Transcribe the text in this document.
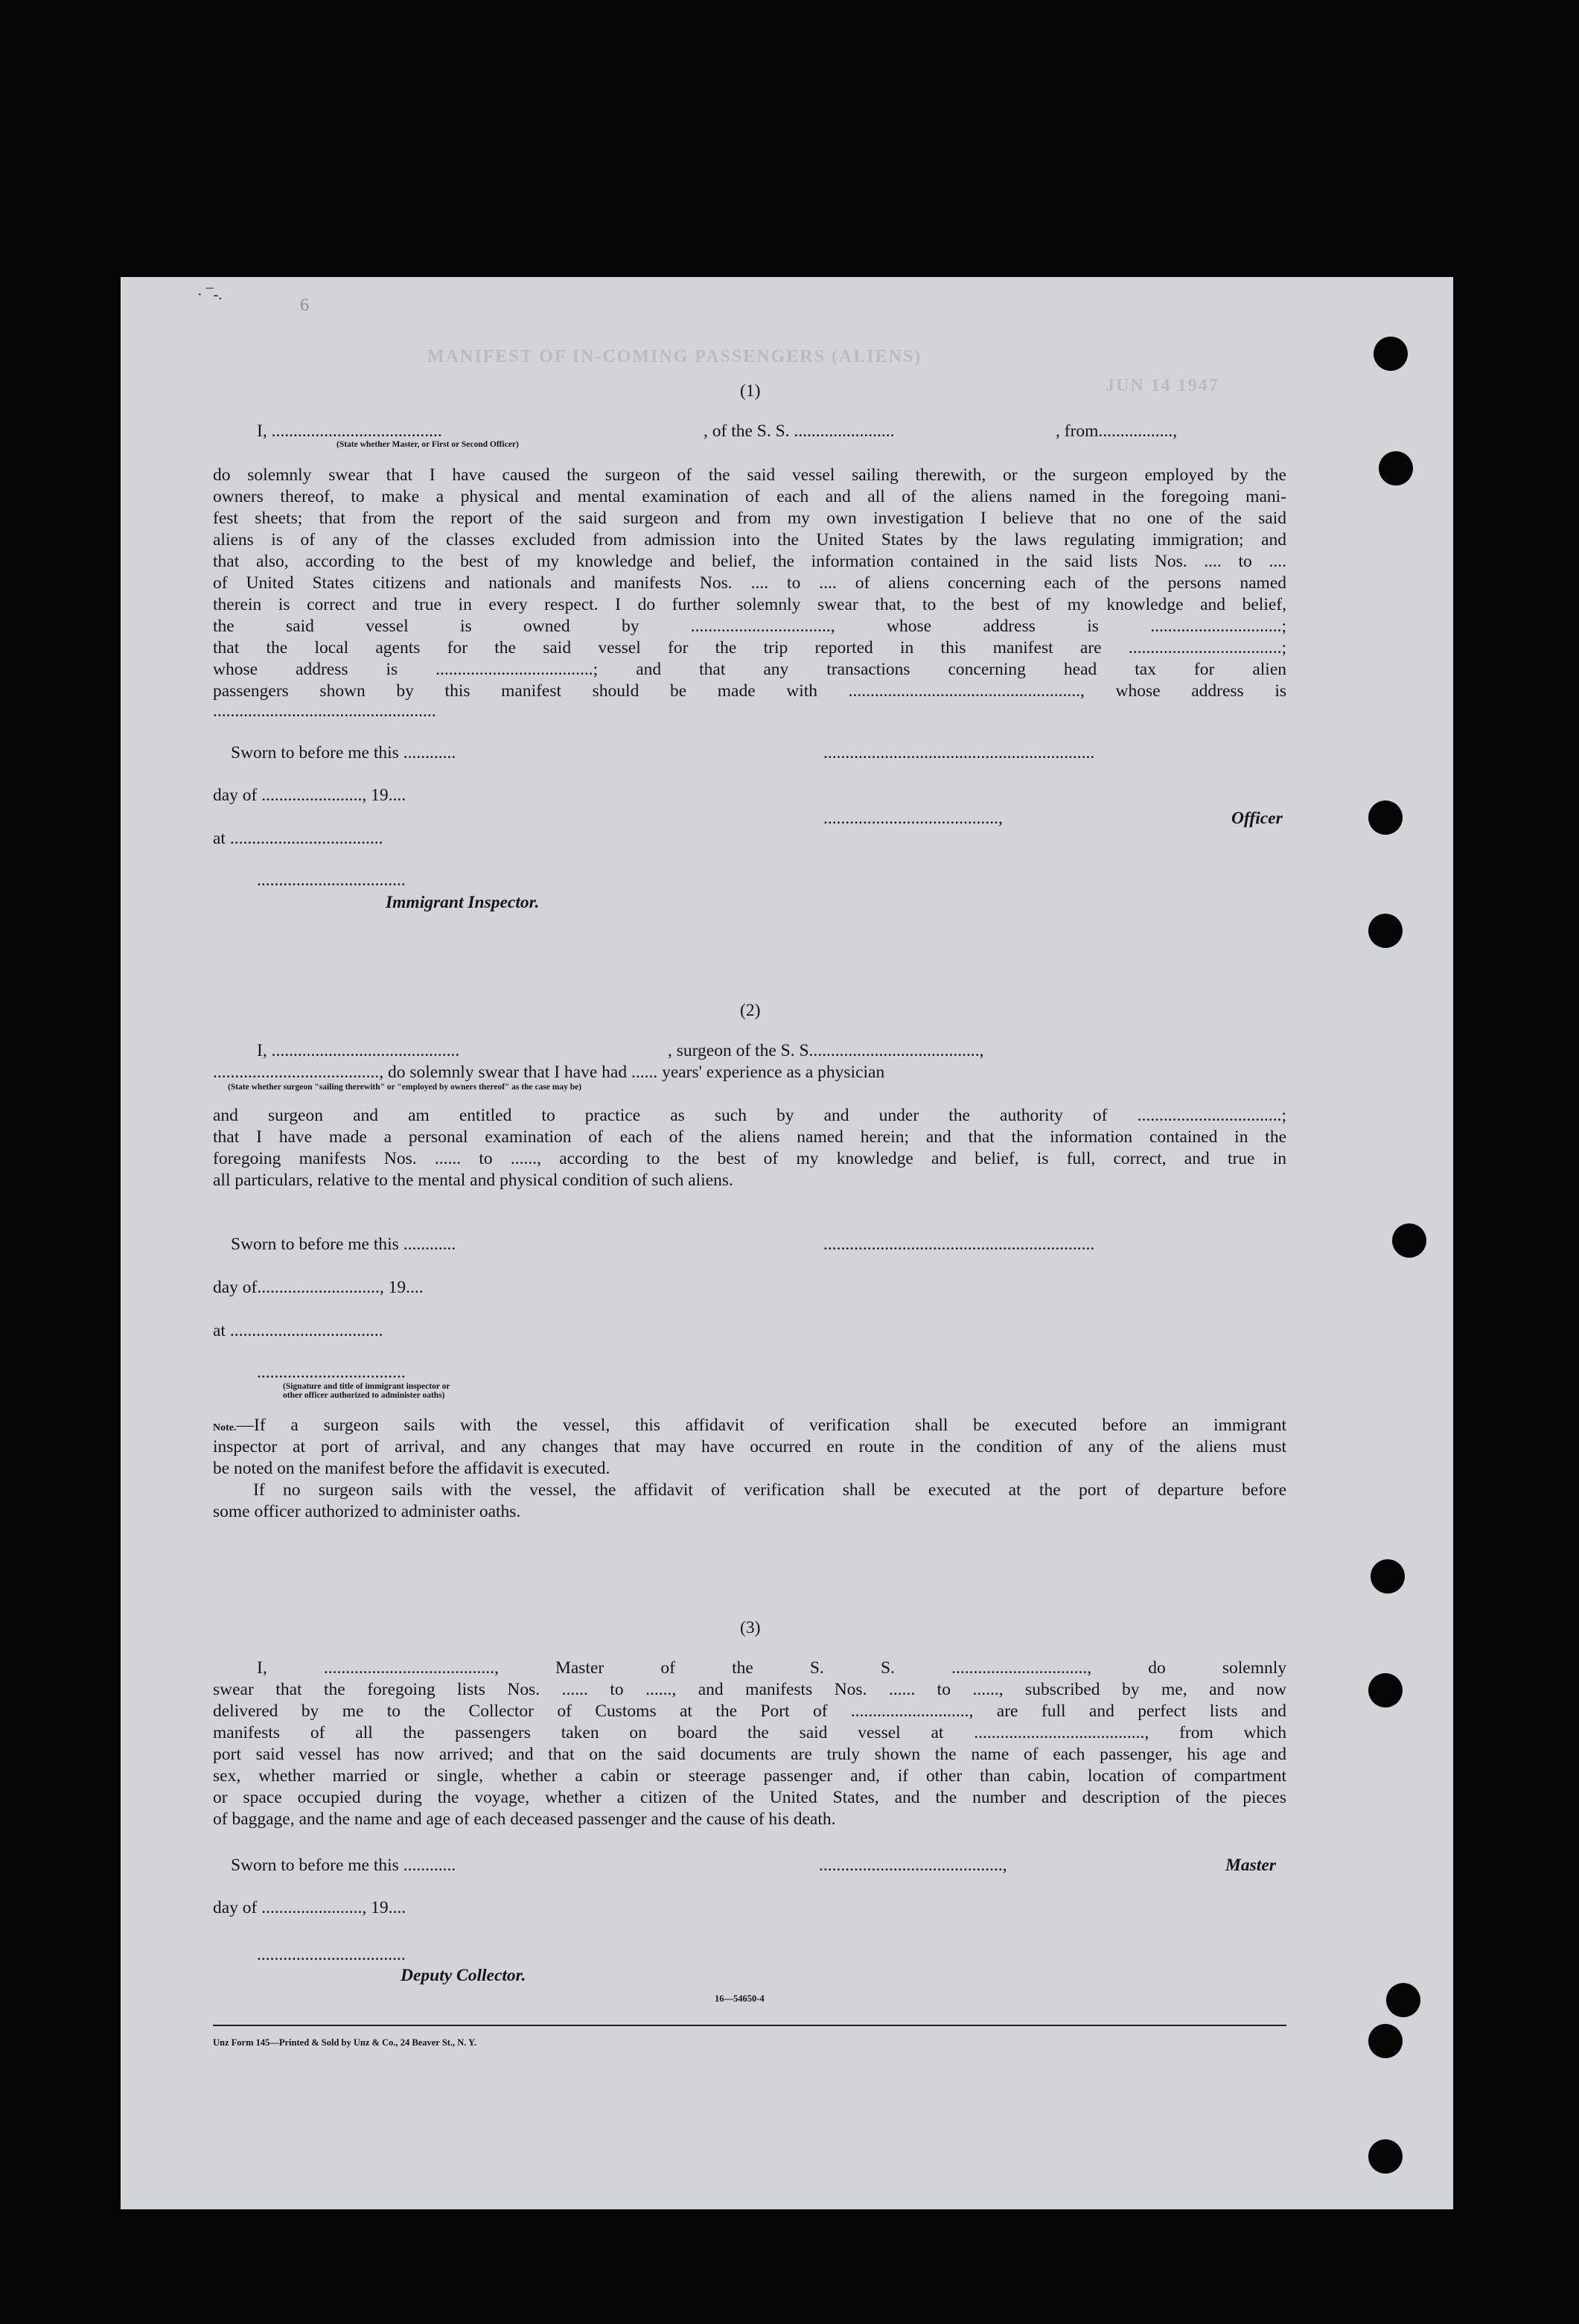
· ¯-.
6
MANIFEST OF IN-COMING PASSENGERS (ALIENS)
JUN 14 1947
(1)
I, .......................................	, of the S. S. .......................	, from.................,
(State whether Master, or First or Second Officer)
do solemnly swear that I have caused the surgeon of the said vessel sailing therewith, or the surgeon employed by the
owners thereof, to make a physical and mental examination of each and all of the aliens named in the foregoing mani-
fest sheets; that from the report of the said surgeon and from my own investigation I believe that no one of the said
aliens is of any of the classes excluded from admission into the United States by the laws regulating immigration; and
that also, according to the best of my knowledge and belief, the information contained in the said lists Nos. .... to ....
of United States citizens and nationals and manifests Nos. .... to .... of aliens concerning each of the persons named
therein is correct and true in every respect. I do further solemnly swear that, to the best of my knowledge and belief,
the said vessel is owned by ................................, whose address is ..............................;
that the local agents for the said vessel for the trip reported in this manifest are ...................................;
whose address is ....................................; and that any transactions concerning head tax for alien
passengers shown by this manifest should be made with ....................................................., whose address is
...................................................
Sworn to before me this ............	..............................................................
day of ......................., 19....
........................................,	Officer
at ...................................
..................................
Immigrant Inspector.
(2)
I, ...........................................	, surgeon of the S. S.......................................,
......................................, do solemnly swear that I have had ...... years' experience as a physician
(State whether surgeon "sailing therewith" or "employed by owners thereof" as the case may be)
and surgeon and am entitled to practice as such by and under the authority of .................................;
that I have made a personal examination of each of the aliens named herein; and that the information contained in the
foregoing manifests Nos. ...... to ......, according to the best of my knowledge and belief, is full, correct, and true in
all particulars, relative to the mental and physical condition of such aliens.
Sworn to before me this ............	..............................................................
day of............................, 19....
at ...................................
..................................
(Signature and title of immigrant inspector or
other officer authorized to administer oaths)
Note.—If a surgeon sails with the vessel, this affidavit of verification shall be executed before an immigrant
inspector at port of arrival, and any changes that may have occurred en route in the condition of any of the aliens must
be noted on the manifest before the affidavit is executed.
If no surgeon sails with the vessel, the affidavit of verification shall be executed at the port of departure before
some officer authorized to administer oaths.
(3)
I, ......................................., Master of the S. S. ..............................., do solemnly
swear that the foregoing lists Nos. ...... to ......, and manifests Nos. ...... to ......, subscribed by me, and now
delivered by me to the Collector of Customs at the Port of ..........................., are full and perfect lists and
manifests of all the passengers taken on board the said vessel at ......................................., from which
port said vessel has now arrived; and that on the said documents are truly shown the name of each passenger, his age and
sex, whether married or single, whether a cabin or steerage passenger and, if other than cabin, location of compartment
or space occupied during the voyage, whether a citizen of the United States, and the number and description of the pieces
of baggage, and the name and age of each deceased passenger and the cause of his death.
Sworn to before me this ............	..........................................,	Master
day of ......................., 19....
..................................
Deputy Collector.
16—54650-4
Unz Form 145—Printed & Sold by Unz & Co., 24 Beaver St., N. Y.
